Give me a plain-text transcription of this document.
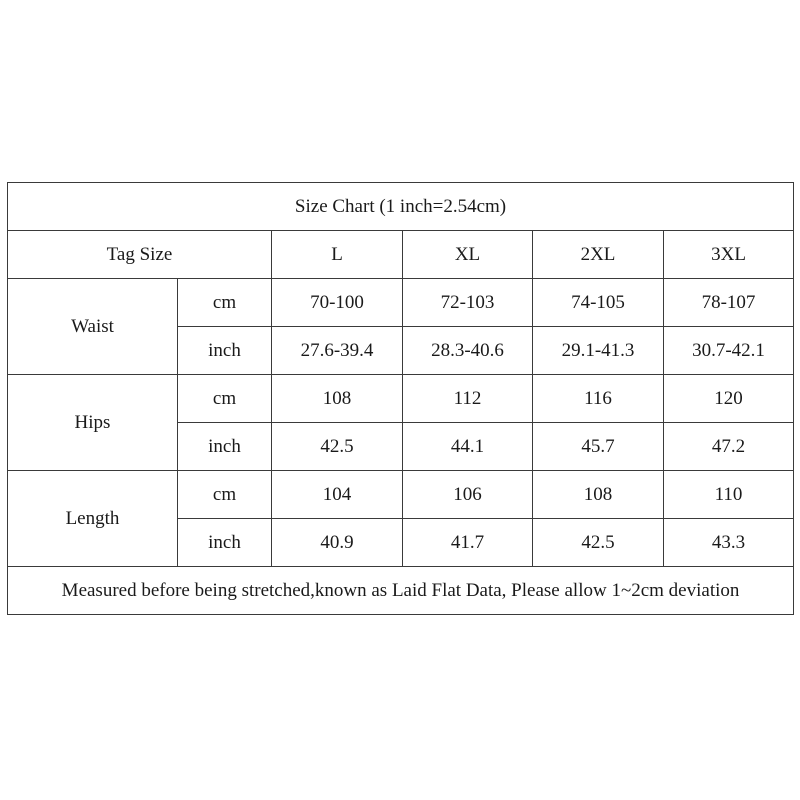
Size Chart (1 inch=2.54cm)					
Tag Size		L	XL	2XL	3XL
Waist	cm	70-100	72-103	74-105	78-107
	inch	27.6-39.4	28.3-40.6	29.1-41.3	30.7-42.1
Hips	cm	108	112	116	120
	inch	42.5	44.1	45.7	47.2
Length	cm	104	106	108	110
	inch	40.9	41.7	42.5	43.3
Measured before being stretched,known as Laid Flat Data, Please allow 1~2cm deviation					
